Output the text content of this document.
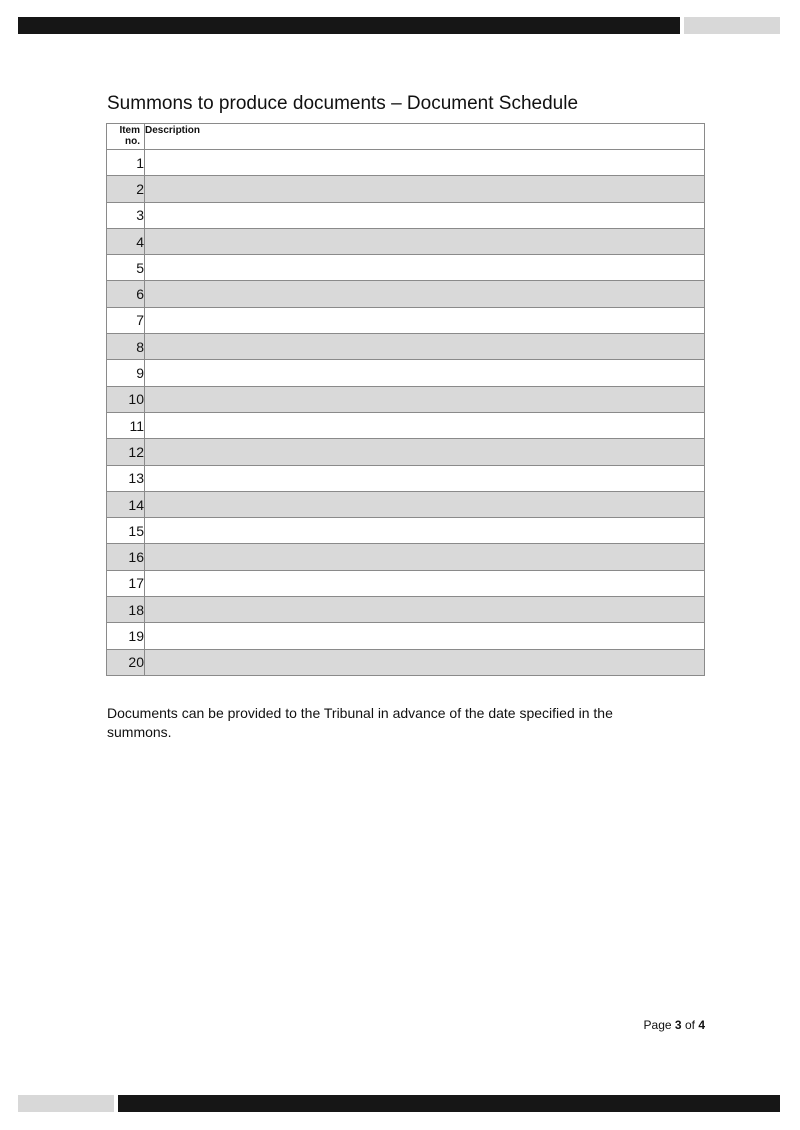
Summons to produce documents – Document Schedule
Item
no.	Description
1	
2	
3	
4	
5	
6	
7	
8	
9	
10	
11	
12	
13	
14	
15	
16	
17	
18	
19	
20	

Documents can be provided to the Tribunal in advance of the date specified in the summons.

Page 3 of 4
